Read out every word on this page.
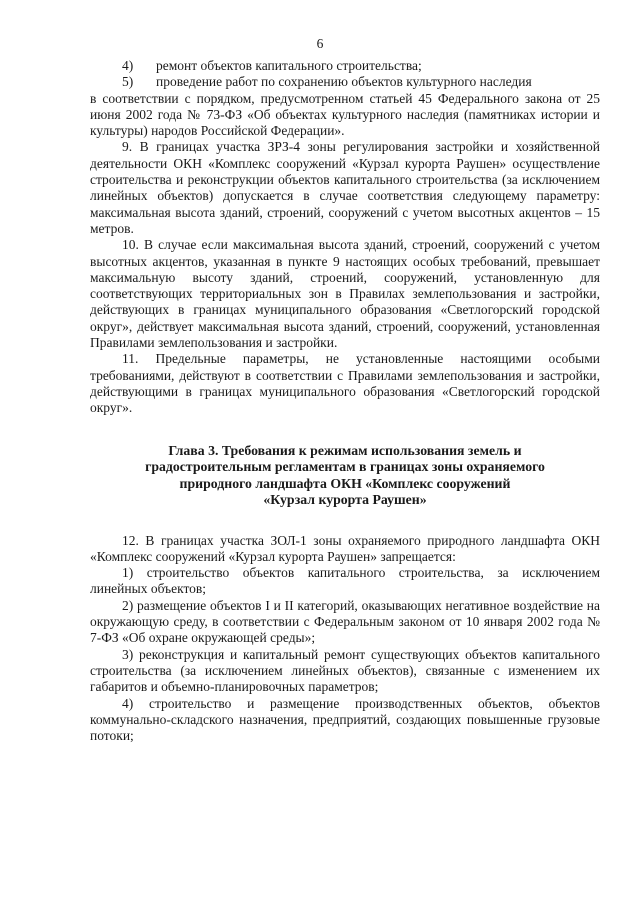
6
4)	ремонт объектов капитального строительства;
5)	проведение работ по сохранению объектов культурного наследия

в соответствии с порядком, предусмотренном статьей 45 Федерального закона от 25 июня 2002 года № 73-ФЗ «Об объектах культурного наследия (памятниках истории и культуры) народов Российской Федерации».

9. В границах участка ЗРЗ-4 зоны регулирования застройки и хозяйственной деятельности ОКН «Комплекс сооружений «Курзал курорта Раушен» осуществление строительства и реконструкции объектов капитального строительства (за исключением линейных объектов) допускается в случае соответствия следующему параметру: максимальная высота зданий, строений, сооружений с учетом высотных акцентов – 15 метров.

10. В случае если максимальная высота зданий, строений, сооружений с учетом высотных акцентов, указанная в пункте 9 настоящих особых требований, превышает максимальную высоту зданий, строений, сооружений, установленную для соответствующих территориальных зон в Правилах землепользования и застройки, действующих в границах муниципального образования «Светлогорский городской округ», действует максимальная высота зданий, строений, сооружений, установленная Правилами землепользования и застройки.

11. Предельные параметры, не установленные настоящими особыми требованиями, действуют в соответствии с Правилами землепользования и застройки, действующими в границах муниципального образования «Светлогорский городской округ».

Глава 3. Требования к режимам использования земель и
градостроительным регламентам в границах зоны охраняемого
природного ландшафта ОКН «Комплекс сооружений
«Курзал курорта Раушен»

12. В границах участка ЗОЛ-1 зоны охраняемого природного ландшафта ОКН «Комплекс сооружений «Курзал курорта Раушен» запрещается:

1) строительство объектов капитального строительства, за исключением линейных объектов;

2) размещение объектов I и II категорий, оказывающих негативное воздействие на окружающую среду, в соответствии с Федеральным законом от 10 января 2002 года № 7-ФЗ «Об охране окружающей среды»;

3) реконструкция и капитальный ремонт существующих объектов капитального строительства (за исключением линейных объектов), связанные с изменением их габаритов и объемно-планировочных параметров;

4) строительство и размещение производственных объектов, объектов коммунально-складского назначения, предприятий, создающих повышенные грузовые потоки;
